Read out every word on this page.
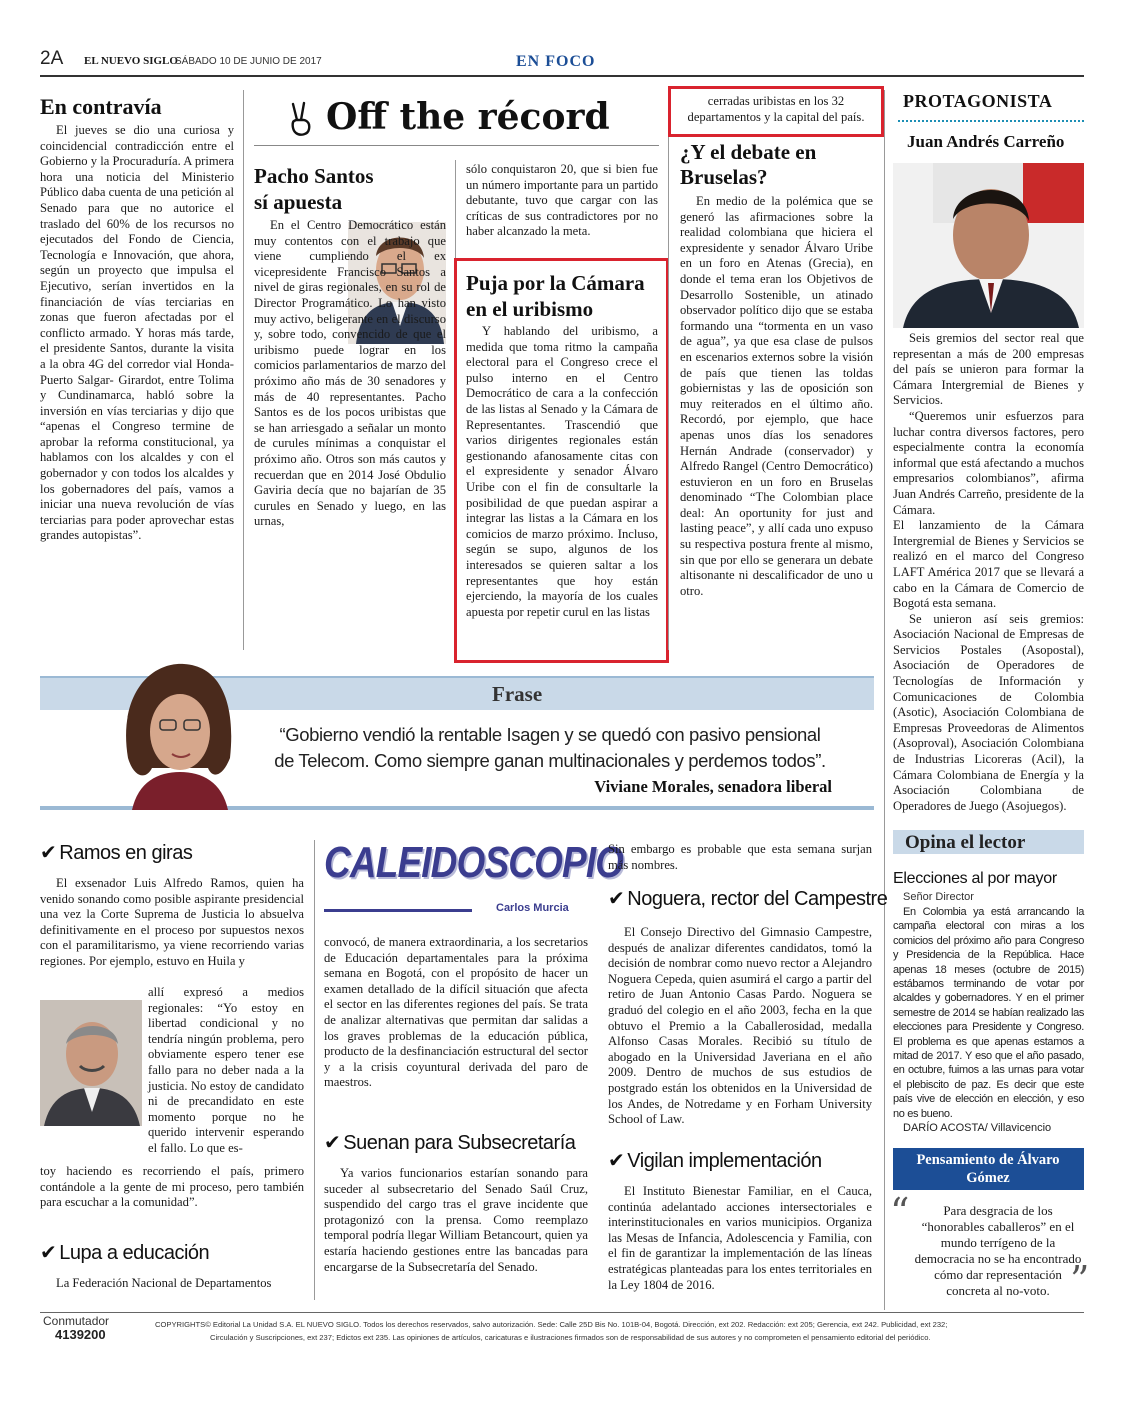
2A EL NUEVO SIGLO
SÁBADO 10 DE JUNIO DE 2017	EN FOCO
En contravía

El jueves se dio una curiosa y coincidencial contradicción entre el Gobierno y la Procuraduría. A primera hora una noticia del Ministerio Público daba cuenta de una petición al Senado para que no autorice el traslado del 60% de los recursos no ejecutados del Fondo de Ciencia, Tecnología e Innovación, que ahora, según un proyecto que impulsa el Ejecutivo, serían invertidos en la financiación de vías terciarias en zonas que fueron afectadas por el conflicto armado. Y horas más tarde, el presidente Santos, durante la visita a la obra 4G del corredor vial Honda-Puerto Salgar- Girardot, entre Tolima y Cundinamarca, habló sobre la inversión en vías terciarias y dijo que “apenas el Congreso termine de aprobar la reforma constitucional, ya hablamos con los alcaldes y con el gobernador y con todos los alcaldes y los gobernadores del país, vamos a iniciar una nueva revolución de vías terciarias para poder aprovechar estas grandes autopistas”.

Off the récord
Pacho Santos sí apuesta

En el Centro Democrático están muy contentos con el trabajo que viene cumpliendo el ex vicepresidente Francisco Santos a nivel de giras regionales, en su rol de Director Programático. Lo han visto muy activo, beligerante en el discurso y, sobre todo, convencido de que el uribismo puede lograr en los comicios parlamentarios de marzo del próximo año más de 30 senadores y más de 40 representantes. Pacho Santos es de los pocos uribistas que se han arriesgado a señalar un monto de curules mínimas a conquistar el próximo año. Otros son más cautos y recuerdan que en 2014 José Obdulio Gaviria decía que no bajarían de 35 curules en Senado y luego, en las urnas,

sólo conquistaron 20, que si bien fue un número importante para un partido debutante, tuvo que cargar con las críticas de sus contradictores por no haber alcanzado la meta.
Puja por la Cámara en el uribismo

Y hablando del uribismo, a medida que toma ritmo la campaña electoral para el Congreso crece el pulso interno en el Centro Democrático de cara a la confección de las listas al Senado y la Cámara de Representantes. Trascendió que varios dirigentes regionales están gestionando afanosamente citas con el expresidente y senador Álvaro Uribe con el fin de consultarle la posibilidad de que puedan aspirar a integrar las listas a la Cámara en los comicios de marzo próximo. Incluso, según se supo, algunos de los interesados se quieren saltar a los representantes que hoy están ejerciendo, la mayoría de los cuales apuesta por repetir curul en las listas

cerradas uribistas en los 32 departamentos y la capital del país.
¿Y el debate en Bruselas?

En medio de la polémica que se generó las afirmaciones sobre la realidad colombiana que hiciera el expresidente y senador Álvaro Uribe en un foro en Atenas (Grecia), en donde el tema eran los Objetivos de Desarrollo Sostenible, un atinado observador político dijo que se estaba formando una “tormenta en un vaso de agua”, ya que esa clase de pulsos en escenarios externos sobre la visión de país que tienen las toldas gobiernistas y las de oposición son muy reiterados en el último año. Recordó, por ejemplo, que hace apenas unos días los senadores Hernán Andrade (conservador) y Alfredo Rangel (Centro Democrático) estuvieron en un foro en Bruselas denominado “The Colombian place deal: An oportunity for just and lasting peace”, y allí cada uno expuso su respectiva postura frente al mismo, sin que por ello se generara un debate altisonante ni descalificador de uno u otro.

PROTAGONISTA
Juan Andrés Carreño

Seis gremios del sector real que representan a más de 200 empresas del país se unieron para formar la Cámara Intergremial de Bienes y Servicios.

“Queremos unir esfuerzos para luchar contra diversos factores, pero especialmente contra la economía informal que está afectando a muchos empresarios colombianos”, afirma Juan Andrés Carreño, presidente de la Cámara.

El lanzamiento de la Cámara Intergremial de Bienes y Servicios se realizó en el marco del Congreso LAFT América 2017 que se llevará a cabo en la Cámara de Comercio de Bogotá esta semana.

Se unieron así seis gremios: Asociación Nacional de Empresas de Servicios Postales (Asopostal), Asociación de Operadores de Tecnologías de Información y Comunicaciones de Colombia (Asotic), Asociación Colombiana de Empresas Proveedoras de Alimentos (Asoproval), Asociación Colombiana de Industrias Licoreras (Acil), la Cámara Colombiana de Energía y la Asociación Colombiana de Operadores de Juego (Asojuegos).

Frase
“Gobierno vendió la rentable Isagen y se quedó con pasivo pensional de Telecom. Como siempre ganan multinacionales y perdemos todos”.
Viviane Morales, senadora liberal
✔ Ramos en giras

El exsenador Luis Alfredo Ramos, quien ha venido sonando como posible aspirante presidencial una vez la Corte Suprema de Justicia lo absuelva definitivamente en el proceso por supuestos nexos con el paramilitarismo, ya viene recorriendo varias regiones. Por ejemplo, estuvo en Huila y

allí expresó a medios regionales: “Yo estoy en libertad condicional y no tendría ningún problema, pero obviamente espero tener ese fallo para no deber nada a la justicia. No estoy de candidato ni de precandidato en este momento porque no he querido intervenir esperando el fallo. Lo que es-
toy haciendo es recorriendo el país, primero contándole a la gente de mi proceso, pero también para escuchar a la comunidad”.
✔ Lupa a educación

La Federación Nacional de Departamentos

CALEIDOSCOPIO
Carlos Murcia
convocó, de manera extraordinaria, a los secretarios de Educación departamentales para la próxima semana en Bogotá, con el propósito de hacer un examen detallado de la difícil situación que afecta el sector en las diferentes regiones del país. Se trata de analizar alternativas que permitan dar salidas a los graves problemas de la educación pública, producto de la desfinanciación estructural del sector y a la crisis coyuntural derivada del paro de maestros.
✔ Suenan para Subsecretaría

Ya varios funcionarios estarían sonando para suceder al subsecretario del Senado Saúl Cruz, suspendido del cargo tras el grave incidente que protagonizó con la prensa. Como reemplazo temporal podría llegar William Betancourt, quien ya estaría haciendo gestiones entre las bancadas para encargarse de la Subsecretaría del Senado.

Sin embargo es probable que esta semana surjan más nombres.
✔ Noguera, rector del Campestre

El Consejo Directivo del Gimnasio Campestre, después de analizar diferentes candidatos, tomó la decisión de nombrar como nuevo rector a Alejandro Noguera Cepeda, quien asumirá el cargo a partir del retiro de Juan Antonio Casas Pardo. Noguera se graduó del colegio en el año 2003, fecha en la que obtuvo el Premio a la Caballerosidad, medalla Alfonso Casas Morales. Recibió su título de abogado en la Universidad Javeriana en el año 2009. Dentro de muchos de sus estudios de postgrado están los obtenidos en la Universidad de los Andes, de Notredame y en Forham University School of Law.

✔ Vigilan implementación

El Instituto Bienestar Familiar, en el Cauca, continúa adelantado acciones intersectoriales e interinstitucionales en varios municipios. Organiza las Mesas de Infancia, Adolescencia y Familia, con el fin de garantizar la implementación de las líneas estratégicas planteadas para los entes territoriales en la Ley 1804 de 2016.

Opina el lector
Elecciones al por mayor
Señor Director

En Colombia ya está arrancando la campaña electoral con miras a los comicios del próximo año para Congreso y Presidencia de la República. Hace apenas 18 meses (octubre de 2015) estábamos terminando de votar por alcaldes y gobernadores. Y en el primer semestre de 2014 se habían realizado las elecciones para Presidente y Congreso. El problema es que apenas estamos a mitad de 2017. Y eso que el año pasado, en octubre, fuimos a las urnas para votar el plebiscito de paz. Es decir que este país vive de elección en elección, y eso no es bueno.

DARÍO ACOSTA/ Villavicencio
Pensamiento de Álvaro Gómez
“	Para desgracia de los “honorables caballeros” en el mundo terrígeno de la democracia no se ha encontrado cómo dar representación concreta al no-voto. ”
Conmutador
4139200
COPYRIGHTS© Editorial La Unidad S.A. EL NUEVO SIGLO. Todos los derechos reservados, salvo autorización. Sede: Calle 25D Bis No. 101B-04, Bogotá. Dirección, ext 202. Redacción: ext 205; Gerencia, ext 242. Publicidad, ext 232;
Circulación y Suscripciones, ext 237; Edictos ext 235. Las opiniones de artículos, caricaturas e ilustraciones firmados son de responsabilidad de sus autores y no comprometen el pensamiento editorial del periódico.
